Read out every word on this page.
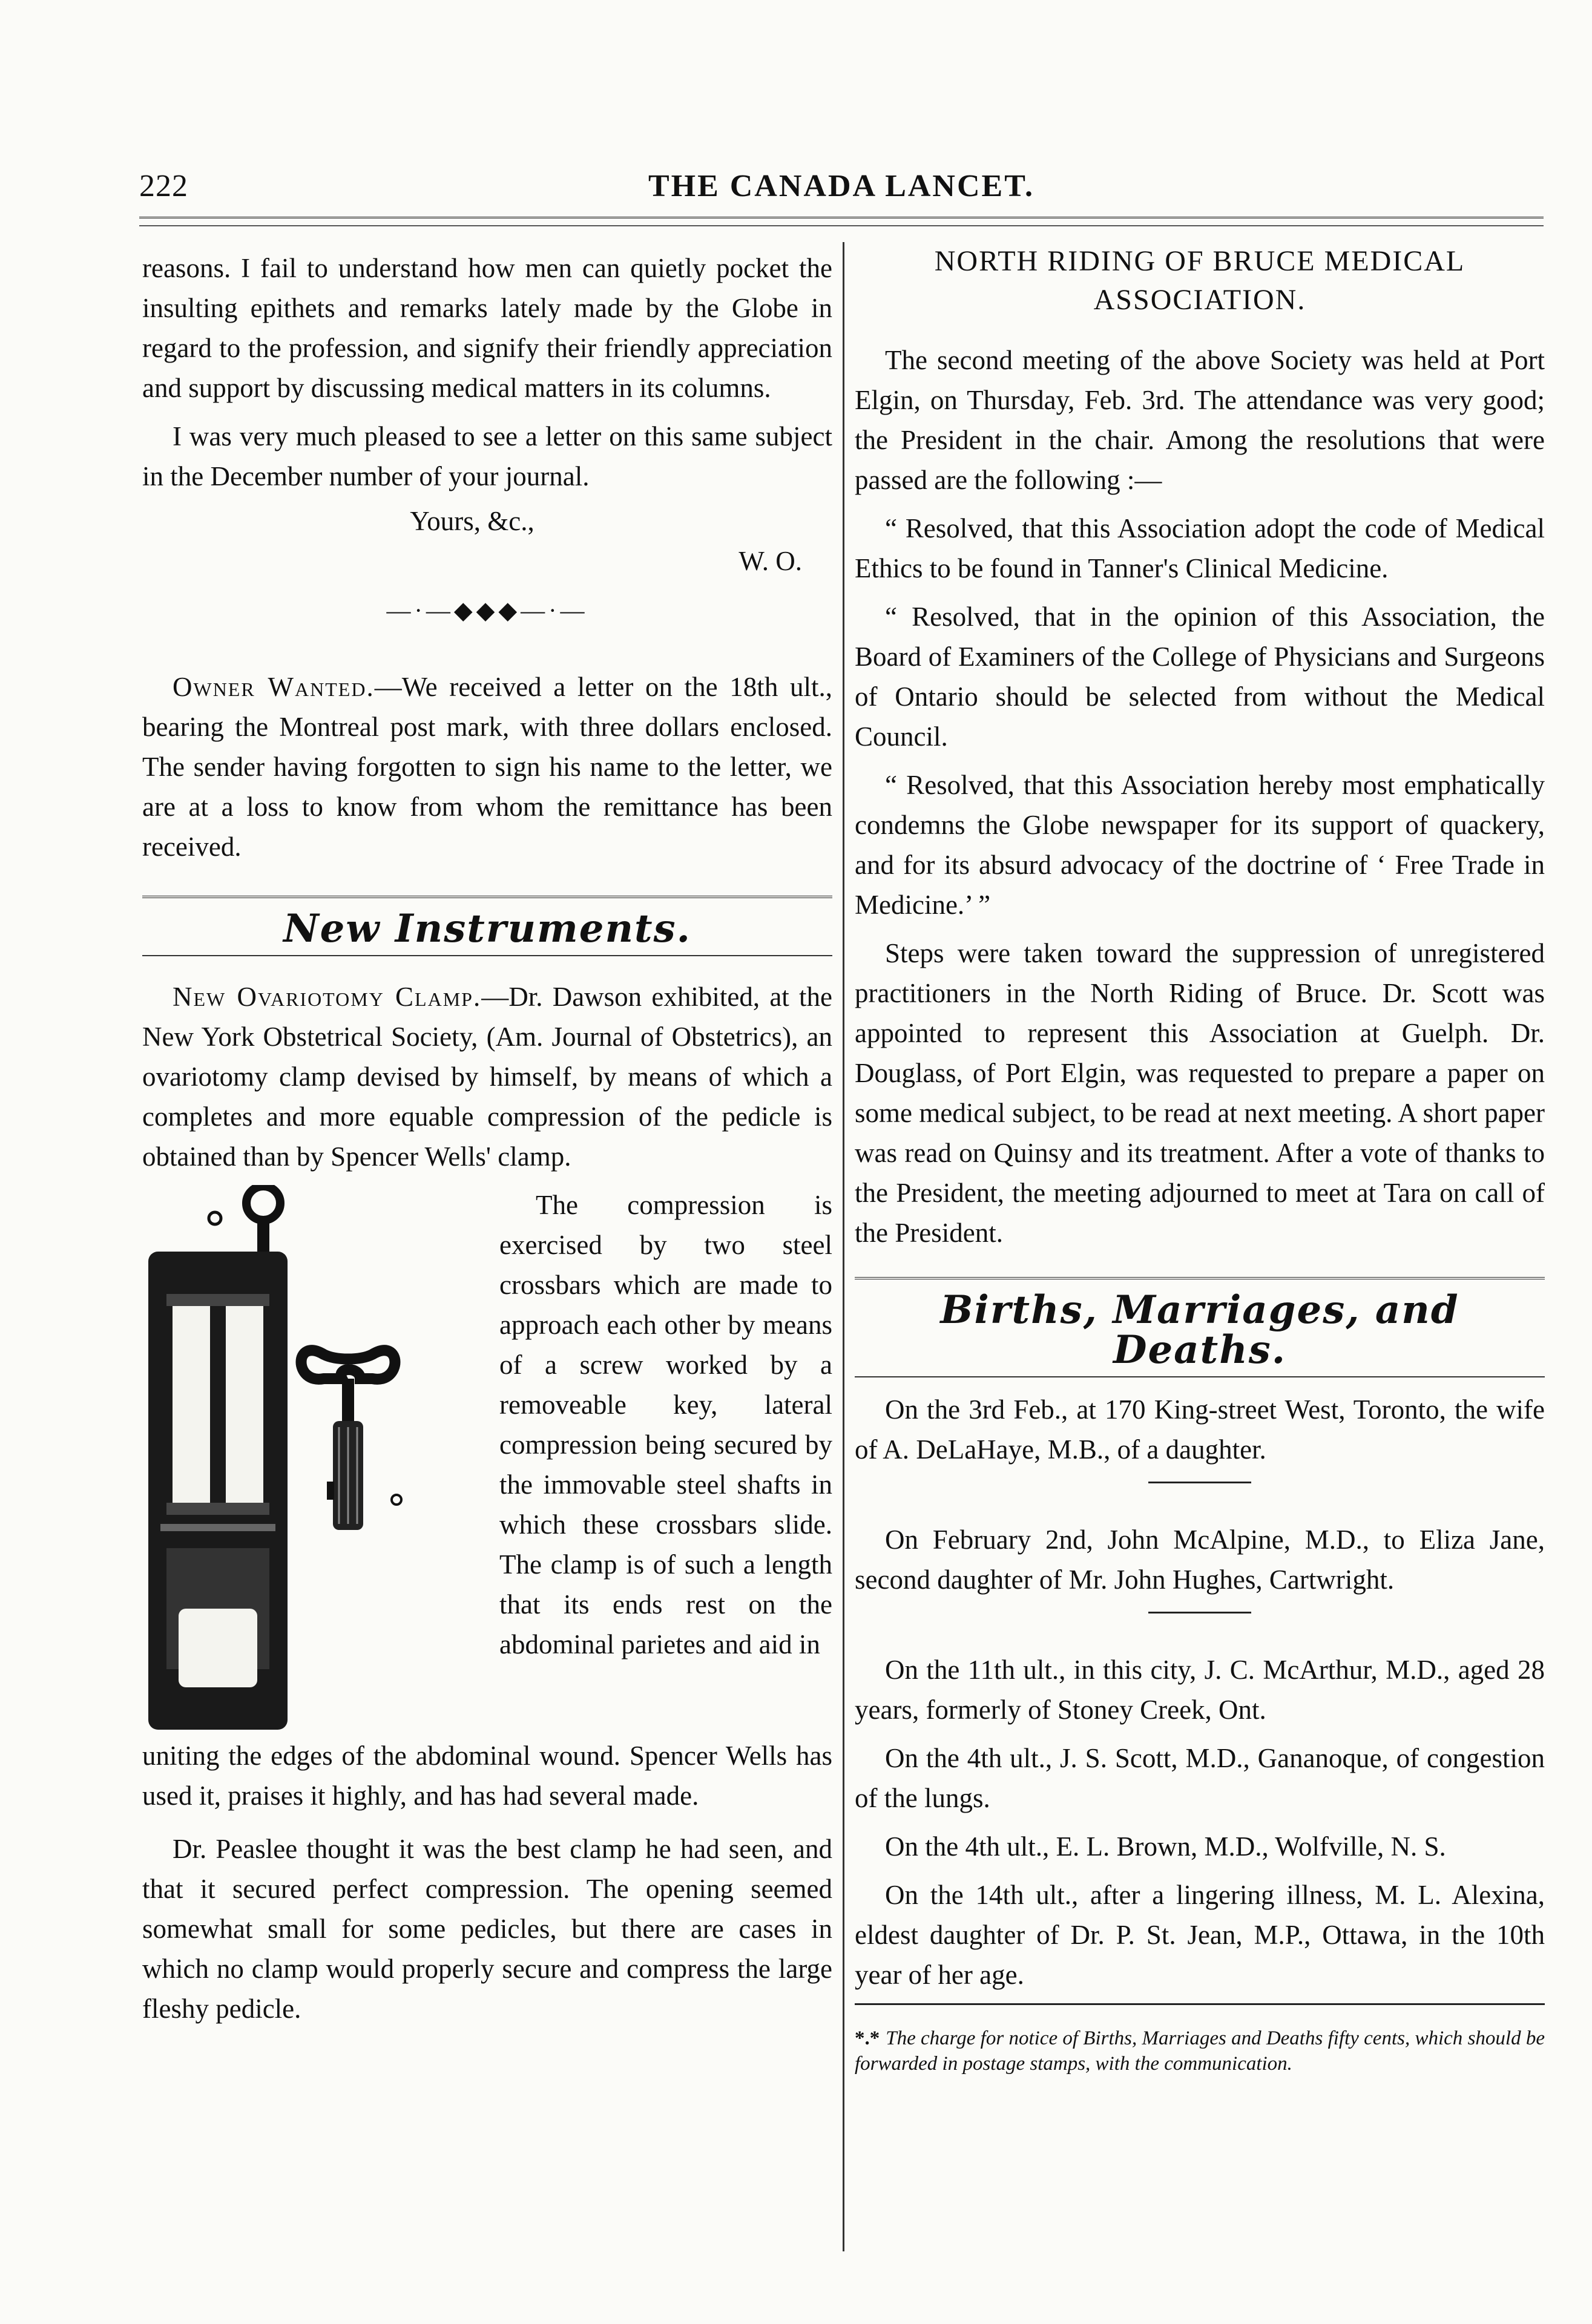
222	THE CANADA LANCET.

reasons. I fail to understand how men can quietly pocket the insulting epithets and remarks lately made by the Globe in regard to the profession, and signify their friendly appreciation and support by discussing medical matters in its columns.

I was very much pleased to see a letter on this same subject in the December number of your journal.

Yours, &c.,
W. O.
—·—◆◆◆—·—

Owner Wanted.—We received a letter on the 18th ult., bearing the Montreal post mark, with three dollars enclosed. The sender having forgotten to sign his name to the letter, we are at a loss to know from whom the remittance has been received.

New Instruments.

New Ovariotomy Clamp.—Dr. Dawson exhibited, at the New York Obstetrical Society, (Am. Journal of Obstetrics), an ovariotomy clamp devised by himself, by means of which a completes and more equable compression of the pedicle is obtained than by Spencer Wells' clamp.

The compression is exercised by two steel crossbars which are made to approach each other by means of a screw worked by a removeable key, lateral compression being secured by the immovable steel shafts in which these crossbars slide. The clamp is of such a length that its ends rest on the abdominal parietes and aid in

uniting the edges of the abdominal wound. Spencer Wells has used it, praises it highly, and has had several made.

Dr. Peaslee thought it was the best clamp he had seen, and that it secured perfect compression. The opening seemed somewhat small for some pedicles, but there are cases in which no clamp would properly secure and compress the large fleshy pedicle.

NORTH RIDING OF BRUCE MEDICAL ASSOCIATION.

The second meeting of the above Society was held at Port Elgin, on Thursday, Feb. 3rd. The attendance was very good; the President in the chair. Among the resolutions that were passed are the following :—

“ Resolved, that this Association adopt the code of Medical Ethics to be found in Tanner's Clinical Medicine.

“ Resolved, that in the opinion of this Association, the Board of Examiners of the College of Physicians and Surgeons of Ontario should be selected from without the Medical Council.

“ Resolved, that this Association hereby most emphatically condemns the Globe newspaper for its support of quackery, and for its absurd advocacy of the doctrine of ‘ Free Trade in Medicine.’ ”

Steps were taken toward the suppression of unregistered practitioners in the North Riding of Bruce. Dr. Scott was appointed to represent this Association at Guelph. Dr. Douglass, of Port Elgin, was requested to prepare a paper on some medical subject, to be read at next meeting. A short paper was read on Quinsy and its treatment. After a vote of thanks to the President, the meeting adjourned to meet at Tara on call of the President.

Births, Marriages, and Deaths.

On the 3rd Feb., at 170 King-street West, Toronto, the wife of A. DeLaHaye, M.B., of a daughter.

On February 2nd, John McAlpine, M.D., to Eliza Jane, second daughter of Mr. John Hughes, Cartwright.

On the 11th ult., in this city, J. C. McArthur, M.D., aged 28 years, formerly of Stoney Creek, Ont.

On the 4th ult., J. S. Scott, M.D., Gananoque, of congestion of the lungs.

On the 4th ult., E. L. Brown, M.D., Wolfville, N. S.

On the 14th ult., after a lingering illness, M. L. Alexina, eldest daughter of Dr. P. St. Jean, M.P., Ottawa, in the 10th year of her age.

*.* The charge for notice of Births, Marriages and Deaths fifty cents, which should be forwarded in postage stamps, with the communication.
